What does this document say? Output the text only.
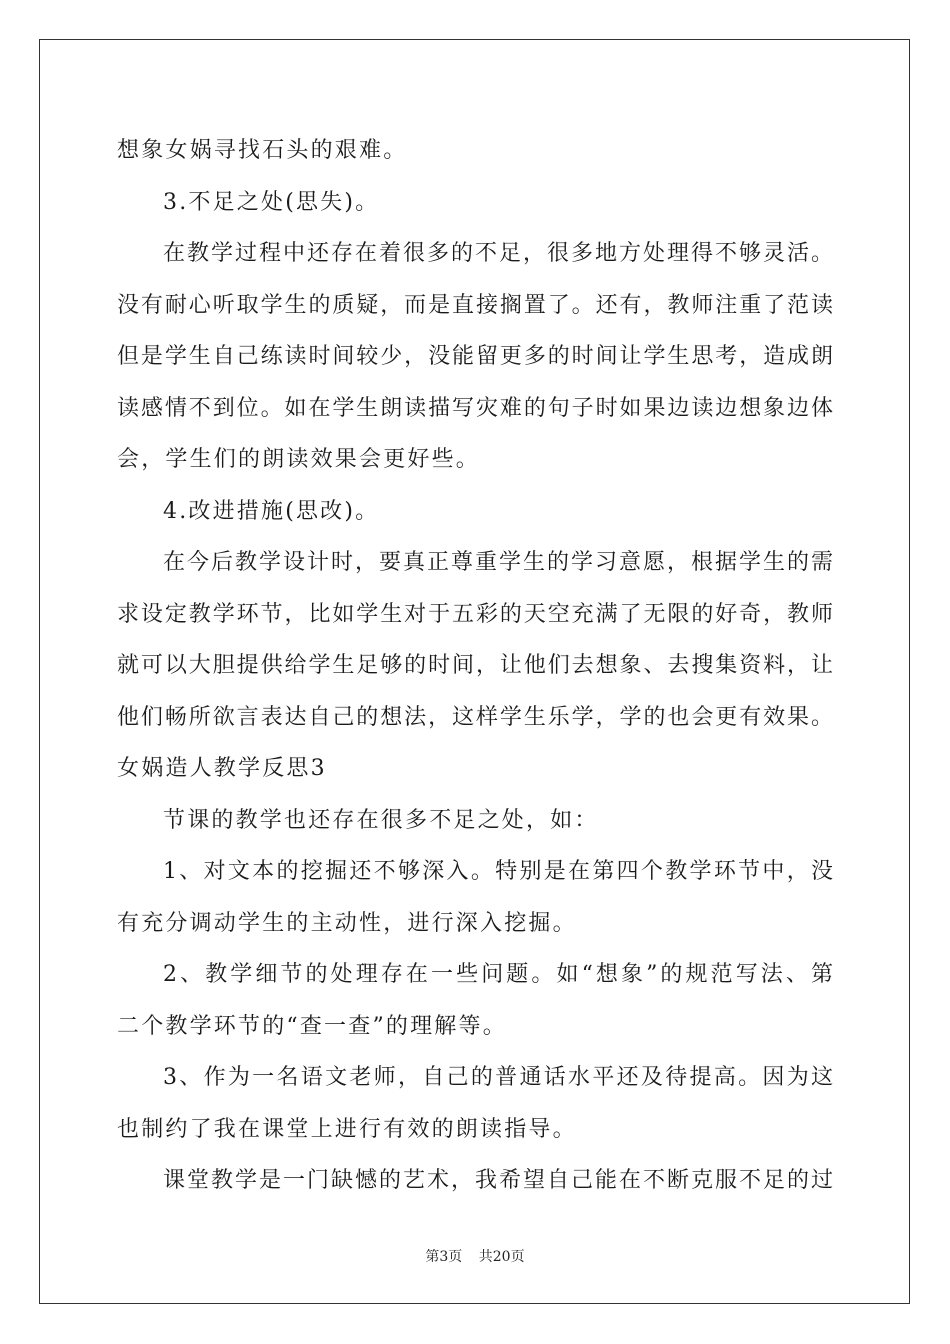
想象女娲寻找石头的艰难。
3.不足之处(思失)。
在教学过程中还存在着很多的不足，很多地方处理得不够灵活。
没有耐心听取学生的质疑，而是直接搁置了。还有，教师注重了范读
但是学生自己练读时间较少，没能留更多的时间让学生思考，造成朗
读感情不到位。如在学生朗读描写灾难的句子时如果边读边想象边体
会，学生们的朗读效果会更好些。
4.改进措施(思改)。
在今后教学设计时，要真正尊重学生的学习意愿，根据学生的需
求设定教学环节，比如学生对于五彩的天空充满了无限的好奇，教师
就可以大胆提供给学生足够的时间，让他们去想象、去搜集资料，让
他们畅所欲言表达自己的想法，这样学生乐学，学的也会更有效果。
女娲造人教学反思3
节课的教学也还存在很多不足之处，如：
1、对文本的挖掘还不够深入。特别是在第四个教学环节中，没
有充分调动学生的主动性，进行深入挖掘。
2、教学细节的处理存在一些问题。如“想象”的规范写法、第
二个教学环节的“查一查”的理解等。
3、作为一名语文老师，自己的普通话水平还及待提高。因为这
也制约了我在课堂上进行有效的朗读指导。
课堂教学是一门缺憾的艺术，我希望自己能在不断克服不足的过
第3页 共20页
